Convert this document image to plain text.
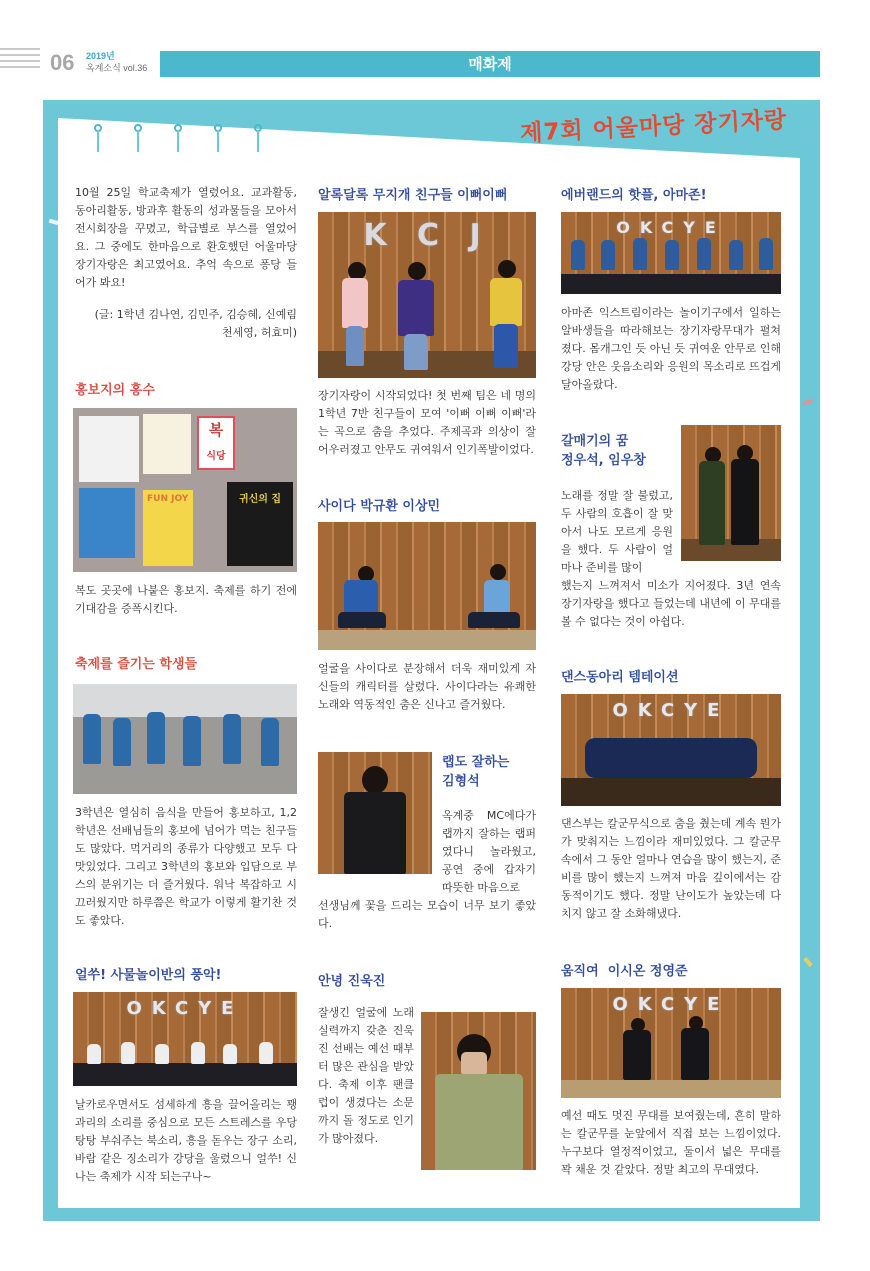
06 2019년
옥계소식 vol.36	매화제
제7회 어울마당 장기자랑
10월 25일 학교축제가 열렸어요. 교과활동, 동아리활동, 방과후 활동의 성과물들을 모아서 전시회장을 꾸몄고, 학급별로 부스를 열었어요. 그 중에도 한마음으로 환호했던 어울마당 장기자랑은 최고였어요. 추억 속으로 퐁당 들어가 봐요!
(글: 1학년 김나연, 김민주, 김승혜, 신예림
천세영, 허효미)
홍보지의 홍수
복
식당
FUN JOY	귀신의 집
복도 곳곳에 나붙은 홍보지. 축제를 하기 전에 기대감을 증폭시킨다.
축제를 즐기는 학생들
3학년은 열심히 음식을 만들어 홍보하고, 1,2학년은 선배님들의 홍보에 넘어가 먹는 친구들도 많았다. 먹거리의 종류가 다양했고 모두 다 맛있었다. 그리고 3학년의 홍보와 입담으로 부스의 분위기는 더 즐거웠다. 워낙 복잡하고 시끄러웠지만 하루쯤은 학교가 이렇게 활기찬 것도 좋았다.
얼쑤! 사물놀이반의 풍악!
OKCYE
날카로우면서도 섬세하게 흥을 끌어올리는 꽹과리의 소리를 중심으로 모든 스트레스를 우당탕탕 부숴주는 북소리, 흥을 돋우는 장구 소리, 바람 같은 징소리가 강당을 울렸으니 얼쑤! 신나는 축제가 시작 되는구나~
알록달록 무지개 친구들 이뻐이뻐
K C J
장기자랑이 시작되었다! 첫 번째 팀은 네 명의 1학년 7반 친구들이 모여 '이뻐 이뻐 이뻐'라는 곡으로 춤을 추었다. 주제곡과 의상이 잘 어우러졌고 안무도 귀여워서 인기폭발이었다.
사이다 박규환 이상민
얼굴을 사이다로 분장해서 더욱 재미있게 자신들의 캐릭터를 살렸다. 사이다라는 유쾌한 노래와 역동적인 춤은 신나고 즐거웠다.
랩도 잘하는
김형석
옥계중 MC에다가 랩까지 잘하는 랩퍼였다니 놀라웠고, 공연 중에 갑자기 따뜻한 마음으로
선생님께 꽃을 드리는 모습이 너무 보기 좋았다.
안녕 진욱진
잘생긴 얼굴에 노래실력까지 갖춘 진욱진 선배는 예선 때부터 많은 관심을 받았다. 축제 이후 팬클럽이 생겼다는 소문까지 돌 정도로 인기가 많아졌다.
에버랜드의 핫플, 아마존!
OKCYE
아마존 익스트림이라는 놀이기구에서 일하는 알바생들을 따라해보는 장기자랑무대가 펼쳐졌다. 몸개그인 듯 아닌 듯 귀여운 안무로 인해 강당 안은 웃음소리와 응원의 목소리로 뜨겁게 달아올랐다.
갈매기의 꿈
정우석, 임우창
노래를 정말 잘 불렀고, 두 사람의 호흡이 잘 맞아서 나도 모르게 응원을 했다. 두 사람이 얼마나 준비를 많이
했는지 느껴져서 미소가 지어졌다. 3년 연속 장기자랑을 했다고 들었는데 내년에 이 무대를 볼 수 없다는 것이 아쉽다.
댄스동아리 템테이션
OKCYE
댄스부는 칼군무식으로 춤을 췄는데 계속 뭔가가 맞춰지는 느낌이라 재미있었다. 그 칼군무 속에서 그 동안 얼마나 연습을 많이 했는지, 준비를 많이 했는지 느껴져 마음 깊이에서는 감동적이기도 했다. 정말 난이도가 높았는데 다치지 않고 잘 소화해냈다.
움직여  이시온 정영준
OKCYE
예선 때도 멋진 무대를 보여줬는데, 흔히 말하는 칼군무를 눈앞에서 직접 보는 느낌이었다. 누구보다 열정적이었고, 둘이서 넓은 무대를 꽉 채운 것 같았다. 정말 최고의 무대였다.
